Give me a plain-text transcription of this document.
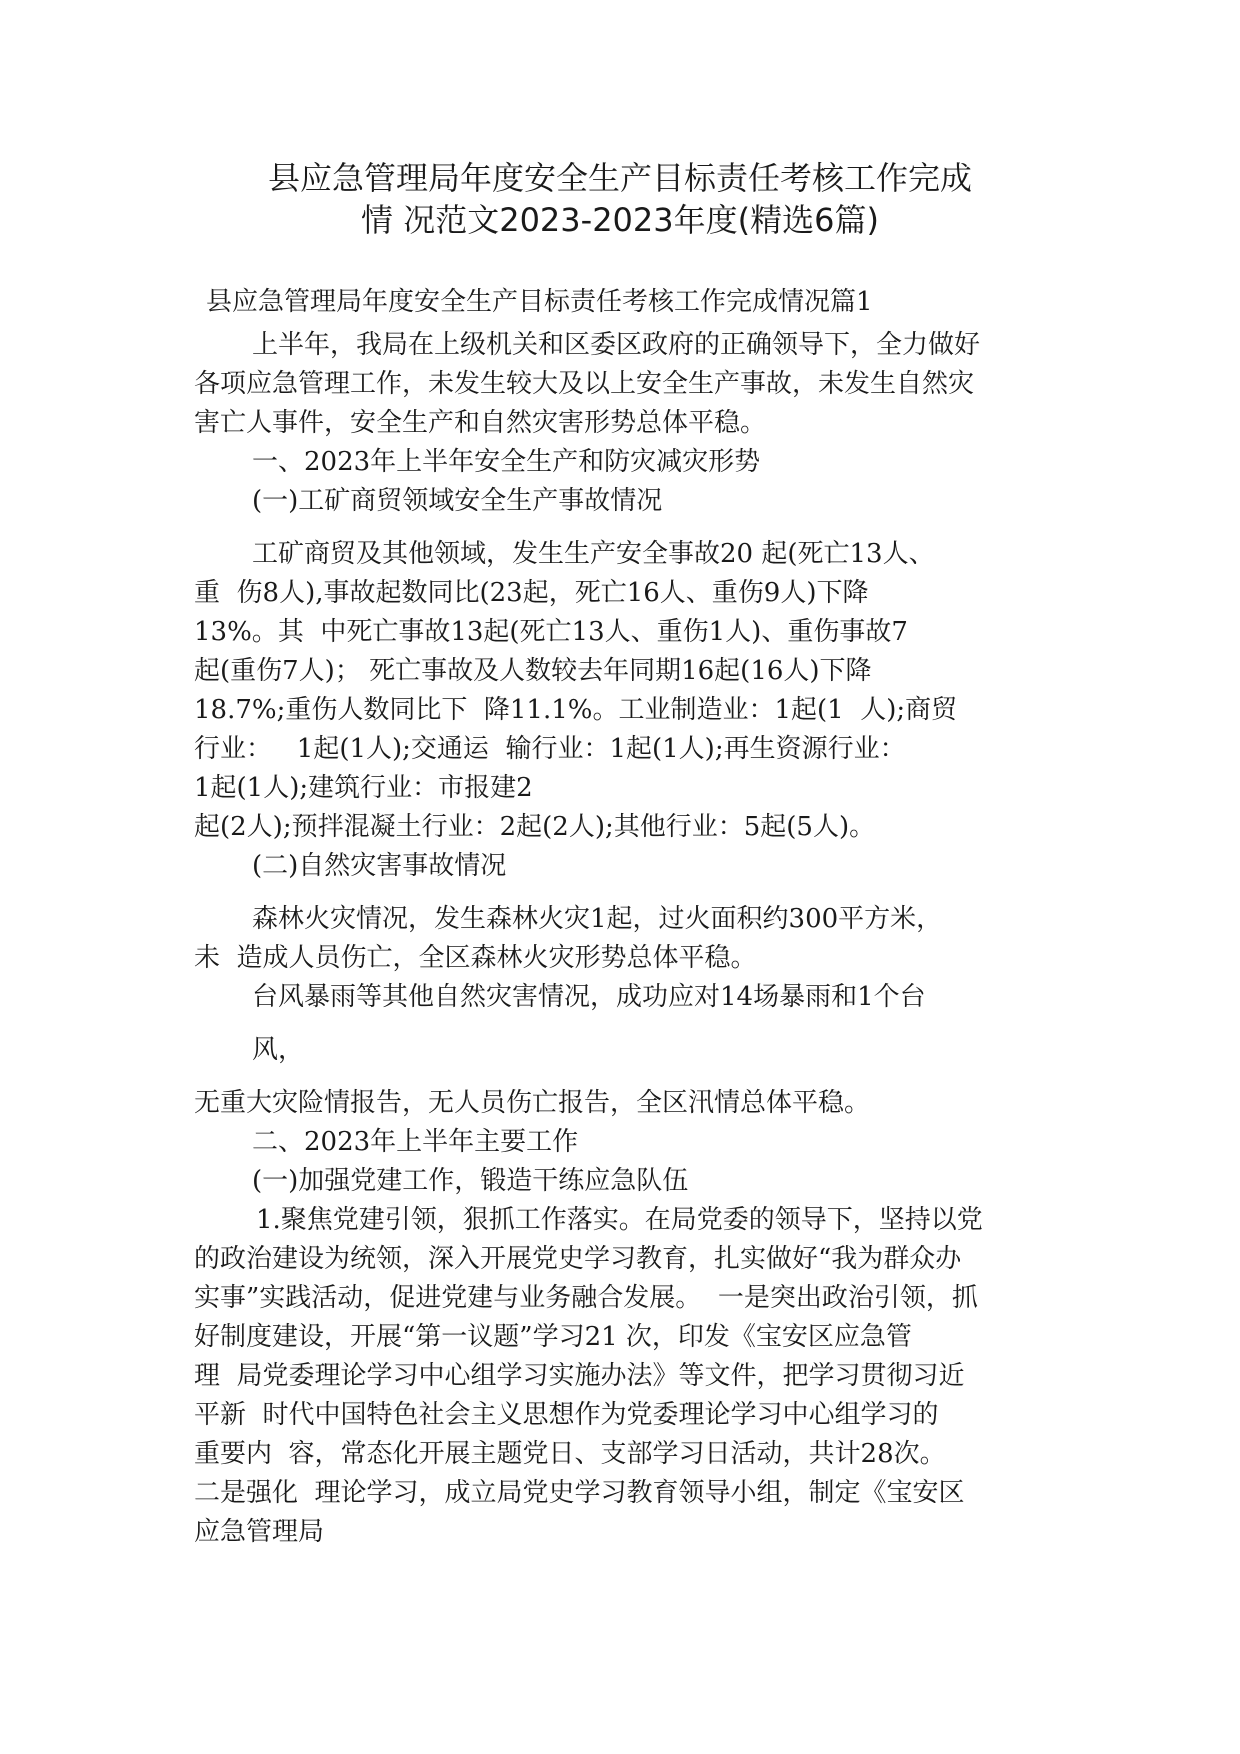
县应急管理局年度安全生产目标责任考核工作完成
情 况范文2023-2023年度(精选6篇)
县应急管理局年度安全生产目标责任考核工作完成情况篇1
上半年，我局在上级机关和区委区政府的正确领导下，全力做好
各项应急管理工作，未发生较大及以上安全生产事故，未发生自然灾
害亡人事件，安全生产和自然灾害形势总体平稳。
一、2023年上半年安全生产和防灾减灾形势
(一)工矿商贸领域安全生产事故情况
工矿商贸及其他领域，发生生产安全事故20 起(死亡13人、
重  伤8人),事故起数同比(23起，死亡16人、重伤9人)下降
13%。其  中死亡事故13起(死亡13人、重伤1人)、重伤事故7
起(重伤7人)； 死亡事故及人数较去年同期16起(16人)下降
18.7%;重伤人数同比下  降11.1%。工业制造业：1起(1  人);商贸
行业：   1起(1人);交通运  输行业：1起(1人);再生资源行业：
1起(1人);建筑行业：市报建2
起(2人);预拌混凝土行业：2起(2人);其他行业：5起(5人)。
(二)自然灾害事故情况
森林火灾情况，发生森林火灾1起，过火面积约300平方米，
未  造成人员伤亡，全区森林火灾形势总体平稳。
台风暴雨等其他自然灾害情况，成功应对14场暴雨和1个台
风，
无重大灾险情报告，无人员伤亡报告，全区汛情总体平稳。
二、2023年上半年主要工作
(一)加强党建工作，锻造干练应急队伍
1.聚焦党建引领，狠抓工作落实。在局党委的领导下，坚持以党
的政治建设为统领，深入开展党史学习教育，扎实做好“我为群众办
实事”实践活动，促进党建与业务融合发展。  一是突出政治引领，抓
好制度建设，开展“第一议题”学习21 次，印发《宝安区应急管
理  局党委理论学习中心组学习实施办法》等文件，把学习贯彻习近
平新  时代中国特色社会主义思想作为党委理论学习中心组学习的
重要内  容，常态化开展主题党日、支部学习日活动，共计28次。
二是强化  理论学习，成立局党史学习教育领导小组，制定《宝安区
应急管理局
